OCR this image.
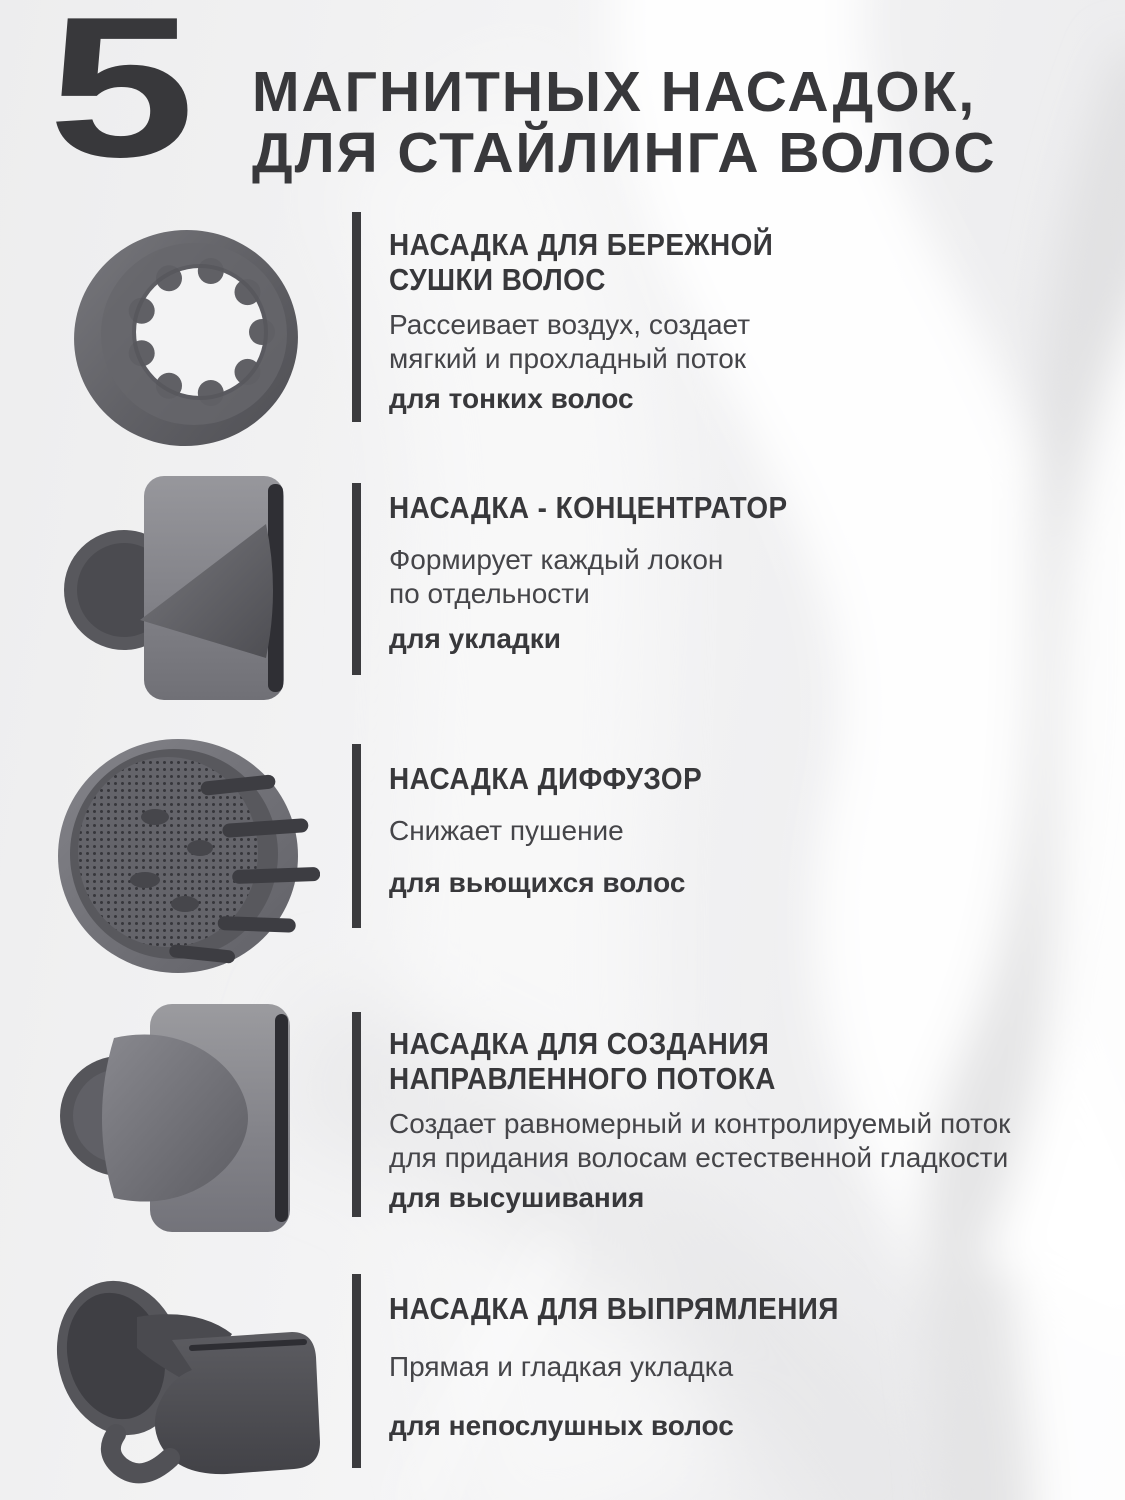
5 МАГНИТНЫХ НАСАДОК,
ДЛЯ СТАЙЛИНГА ВОЛОС
НАСАДКА ДЛЯ БЕРЕЖНОЙ
СУШКИ ВОЛОС

Рассеивает воздух, создает
мягкий и прохладный поток

для тонких волос

НАСАДКА - КОНЦЕНТРАТОР

Формирует каждый локон
по отдельности

для укладки

НАСАДКА ДИФФУЗОР

Снижает пушение

для вьющихся волос

НАСАДКА ДЛЯ СОЗДАНИЯ
НАПРАВЛЕННОГО ПОТОКА

Создает равномерный и контролируемый поток
для придания волосам естественной гладкости

для высушивания

НАСАДКА ДЛЯ ВЫПРЯМЛЕНИЯ

Прямая и гладкая укладка

для непослушных волос
